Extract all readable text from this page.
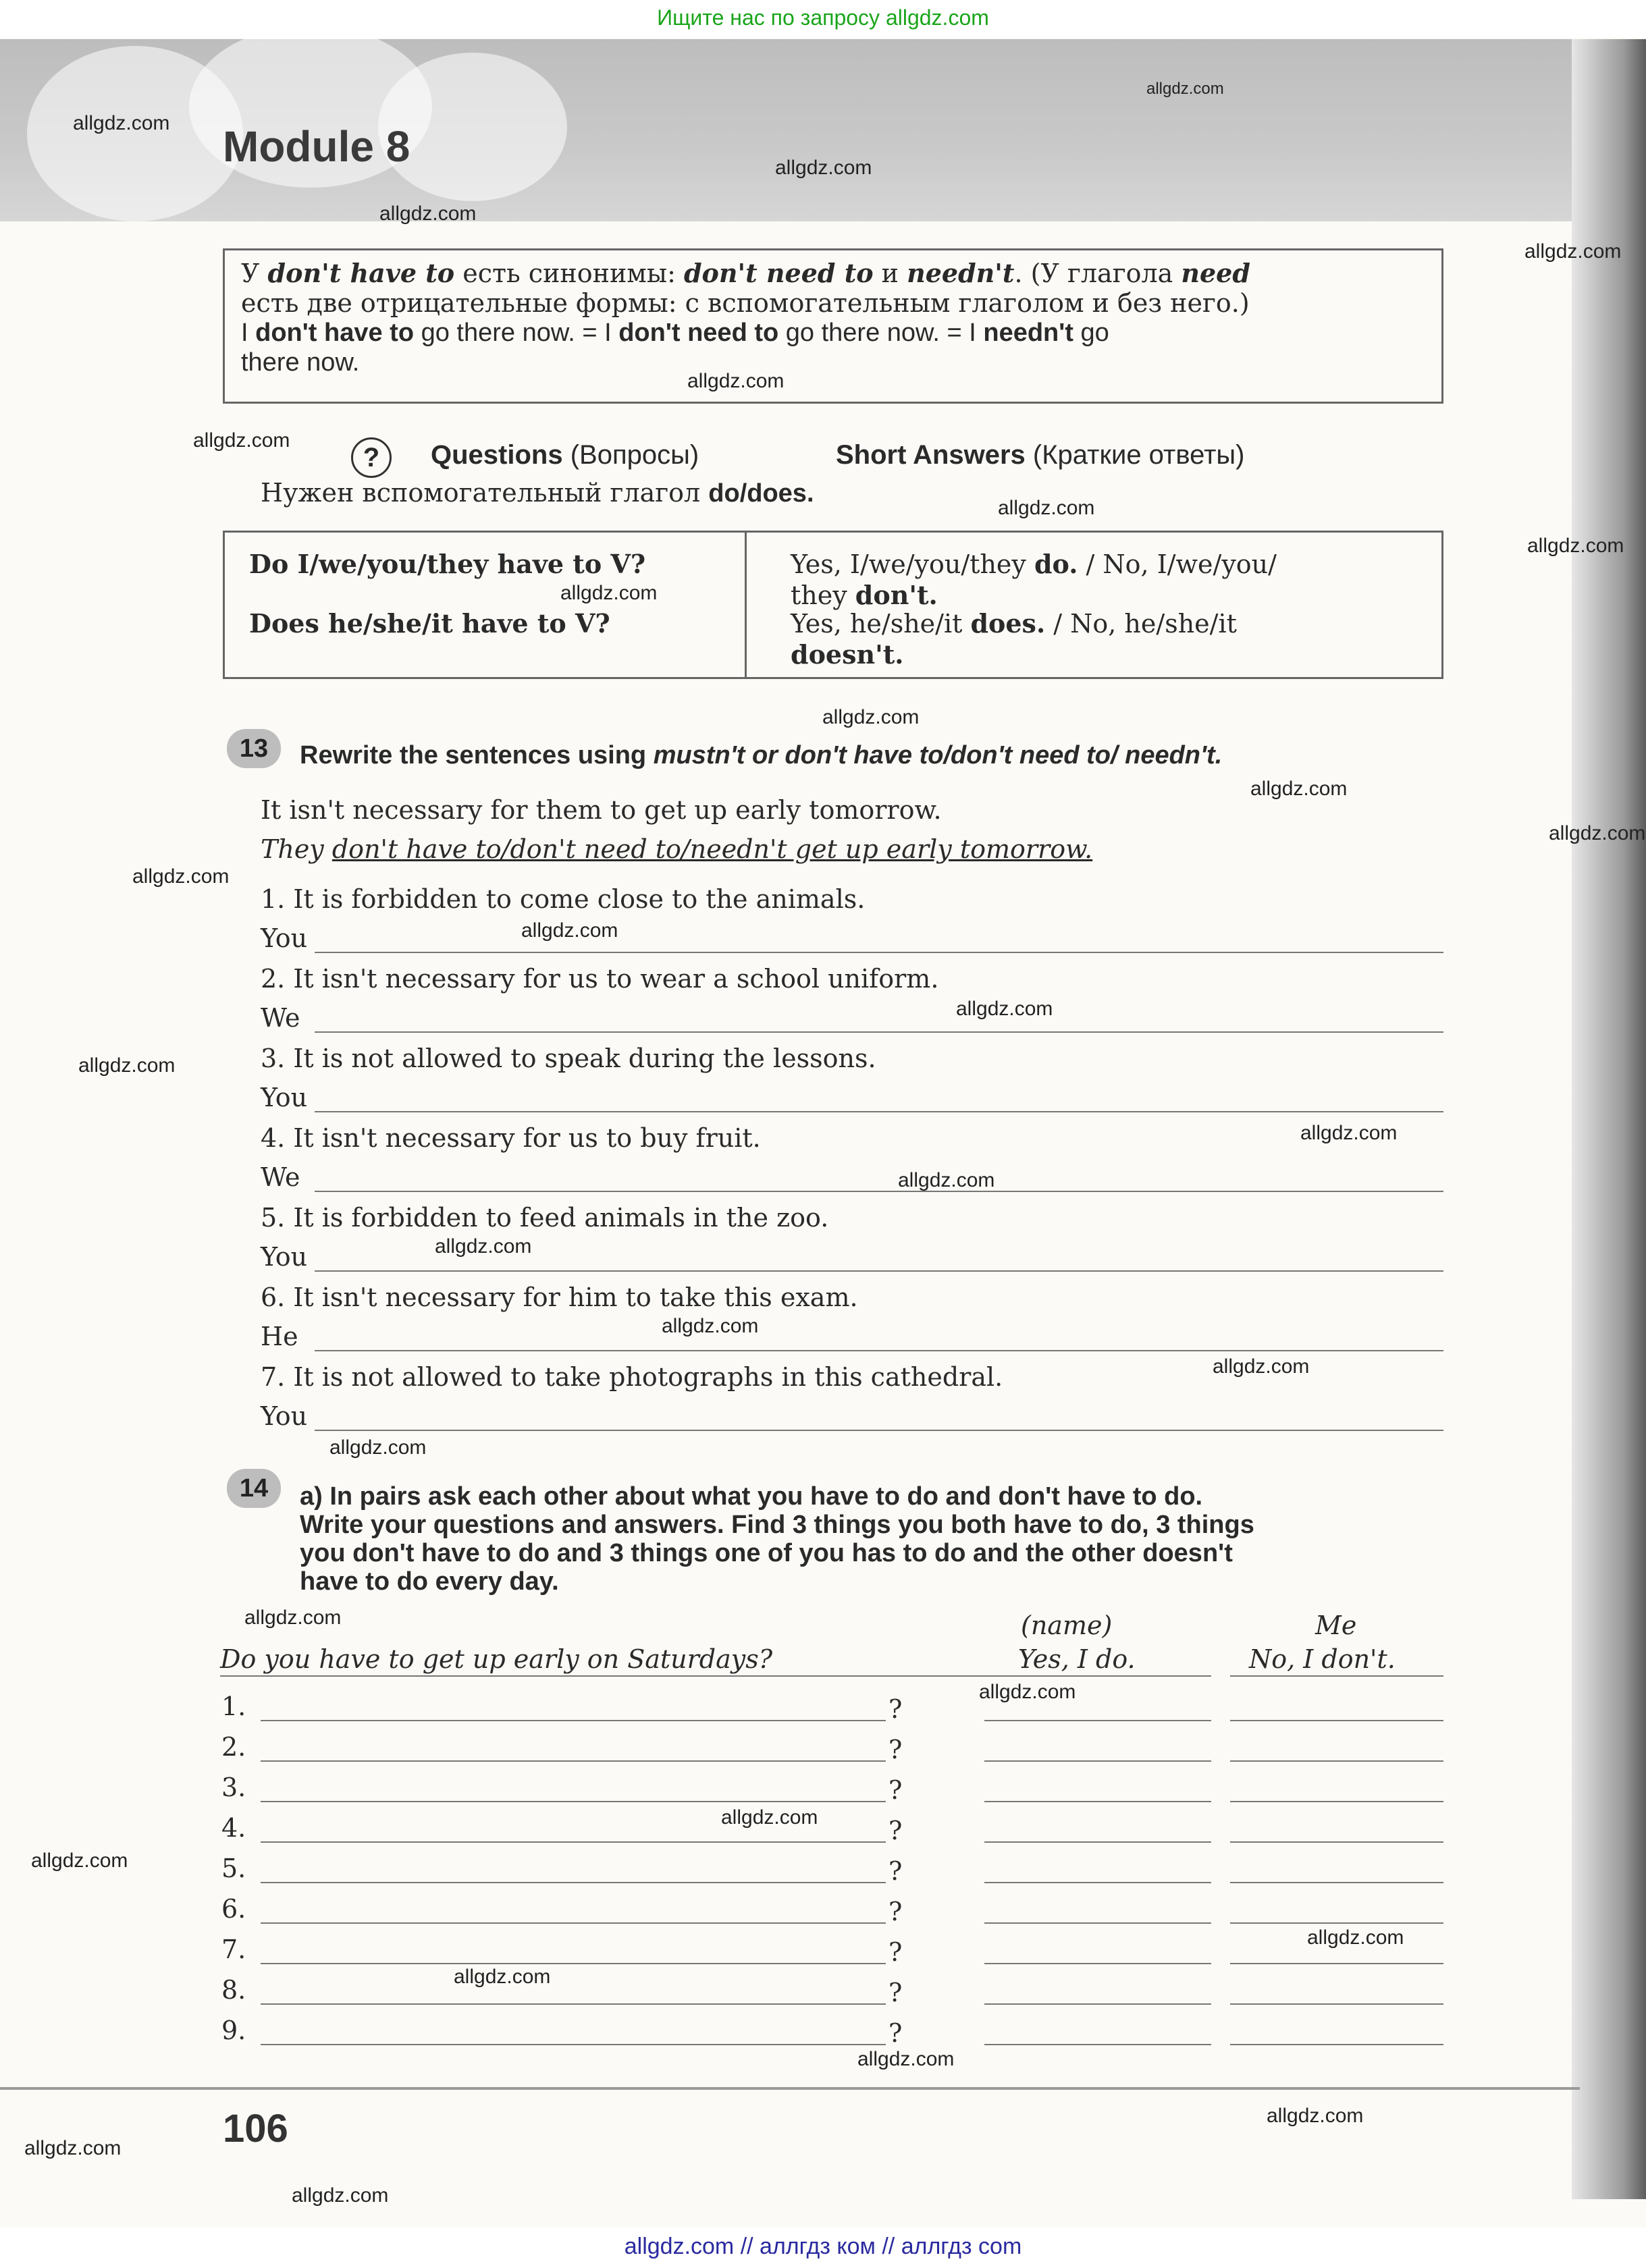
Ищите нас по запросу allgdz.com
Module 8
У don't have to есть синонимы: don't need to и needn't. (У глагола need
есть две отрицательные формы: с вспомогательным глаголом и без него.)
I don't have to go there now. = I don't need to go there now. = I needn't go
there now.
?	Questions (Вопросы)	Short Answers (Краткие ответы)
Нужен вспомогательный глагол do/does.
Do I/we/you/they have to V?
Does he/she/it have to V?
Yes, I/we/you/they do. / No, I/we/you/
they don't.
Yes, he/she/it does. / No, he/she/it
doesn't.
13	Rewrite the sentences using mustn't or don't have to/don't need to/ needn't.
It isn't necessary for them to get up early tomorrow.
They don't have to/don't need to/needn't get up early tomorrow.
1. It is forbidden to come close to the animals.
You
2. It isn't necessary for us to wear a school uniform.
We
3. It is not allowed to speak during the lessons.
You
4. It isn't necessary for us to buy fruit.
We
5. It is forbidden to feed animals in the zoo.
You
6. It isn't necessary for him to take this exam.
He
7. It is not allowed to take photographs in this cathedral.
You
14	a) In pairs ask each other about what you have to do and don't have to do.
Write your questions and answers. Find 3 things you both have to do, 3 things
you don't have to do and 3 things one of you has to do and the other doesn't
have to do every day.
(name)	Me
Do you have to get up early on Saturdays?	Yes, I do.	No, I don't.
1.	?
2.	?
3.	?
4.	?
5.	?
6.	?
7.	?
8.	?
9.	?
106
allgdz.com
allgdz.com
allgdz.com
allgdz.com
allgdz.com
allgdz.com
allgdz.com
allgdz.com
allgdz.com
allgdz.com
allgdz.com
allgdz.com
allgdz.com
allgdz.com
allgdz.com
allgdz.com
allgdz.com
allgdz.com
allgdz.com
allgdz.com
allgdz.com
allgdz.com
allgdz.com
allgdz.com
allgdz.com
allgdz.com
allgdz.com
allgdz.com
allgdz.com
allgdz.com
allgdz.com
allgdz.com
allgdz.com
allgdz.com // аллгдз ком // аллгдз com
